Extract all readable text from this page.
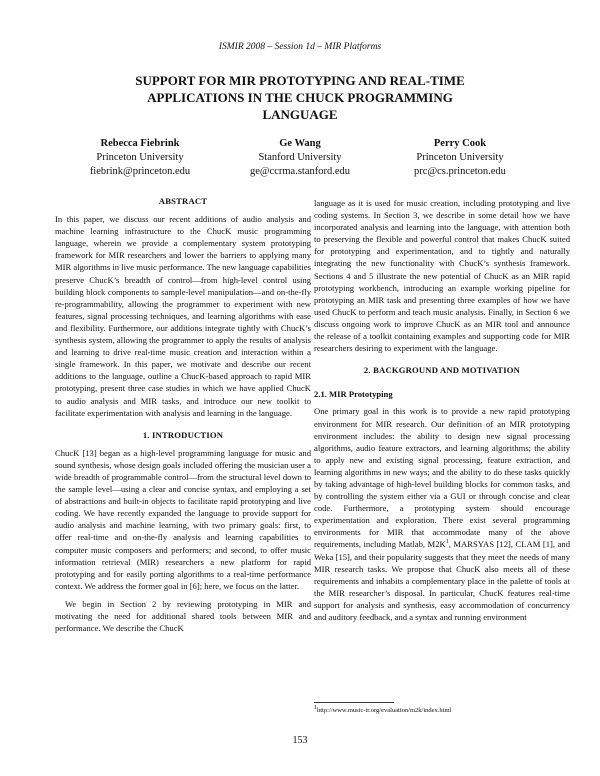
ISMIR 2008 – Session 1d – MIR Platforms
SUPPORT FOR MIR PROTOTYPING AND REAL-TIME
APPLICATIONS IN THE CHUCK PROGRAMMING
LANGUAGE
Rebecca Fiebrink
Princeton University
fiebrink@princeton.edu
Ge Wang
Stanford University
ge@ccrma.stanford.edu
Perry Cook
Princeton University
prc@cs.princeton.edu
ABSTRACT

In this paper, we discuss our recent additions of audio analysis and machine learning infrastructure to the ChucK music programming language, wherein we provide a complementary system prototyping framework for MIR researchers and lower the barriers to applying many MIR algorithms in live music performance. The new language capabilities preserve ChucK’s breadth of control—from high-level control using building block components to sample-level manipulation—and on-the-fly re-programmability, allowing the programmer to experiment with new features, signal processing techniques, and learning algorithms with ease and flexibility. Furthermore, our additions integrate tightly with ChucK’s synthesis system, allowing the programmer to apply the results of analysis and learning to drive real-time music creation and interaction within a single framework. In this paper, we motivate and describe our recent additions to the language, outline a ChucK-based approach to rapid MIR prototyping, present three case studies in which we have applied ChucK to audio analysis and MIR tasks, and introduce our new toolkit to facilitate experimentation with analysis and learning in the language.

1. INTRODUCTION

ChucK [13] began as a high-level programming language for music and sound synthesis, whose design goals included offering the musician user a wide breadth of programmable control—from the structural level down to the sample level—using a clear and concise syntax, and employing a set of abstractions and built-in objects to facilitate rapid prototyping and live coding. We have recently expanded the language to provide support for audio analysis and machine learning, with two primary goals: first, to offer real-time and on-the-fly analysis and learning capabilities to computer music composers and performers; and second, to offer music information retrieval (MIR) researchers a new platform for rapid prototyping and for easily porting algorithms to a real-time performance context. We address the former goal in [6]; here, we focus on the latter.

We begin in Section 2 by reviewing prototyping in MIR and motivating the need for additional shared tools between MIR and performance. We describe the ChucK

language as it is used for music creation, including prototyping and live coding systems. In Section 3, we describe in some detail how we have incorporated analysis and learning into the language, with attention both to preserving the flexible and powerful control that makes ChucK suited for prototyping and experimentation, and to tightly and naturally integrating the new functionality with ChucK’s synthesis framework. Sections 4 and 5 illustrate the new potential of ChucK as an MIR rapid prototyping workbench, introducing an example working pipeline for prototyping an MIR task and presenting three examples of how we have used ChucK to perform and teach music analysis. Finally, in Section 6 we discuss ongoing work to improve ChucK as an MIR tool and announce the release of a toolkit containing examples and supporting code for MIR researchers desiring to experiment with the language.

2. BACKGROUND AND MOTIVATION
2.1. MIR Prototyping

One primary goal in this work is to provide a new rapid prototyping environment for MIR research. Our definition of an MIR prototyping environment includes: the ability to design new signal processing algorithms, audio feature extractors, and learning algorithms; the ability to apply new and existing signal processing, feature extraction, and learning algorithms in new ways; and the ability to do these tasks quickly by taking advantage of high-level building blocks for common tasks, and by controlling the system either via a GUI or through concise and clear code. Furthermore, a prototyping system should encourage experimentation and exploration. There exist several programming environments for MIR that accommodate many of the above requirements, including Matlab, $M2K^1$, MARSYAS [12], CLAM [1], and Weka [15], and their popularity suggests that they meet the needs of many MIR research tasks. We propose that ChucK also meets all of these requirements and inhabits a complementary place in the palette of tools at the MIR researcher’s disposal. In particular, ChucK features real-time support for analysis and synthesis, easy accommodation of concurrency and auditory feedback, and a syntax and running environment

$^1$http://www.music-ir.org/evaluation/m2k/index.html
153
